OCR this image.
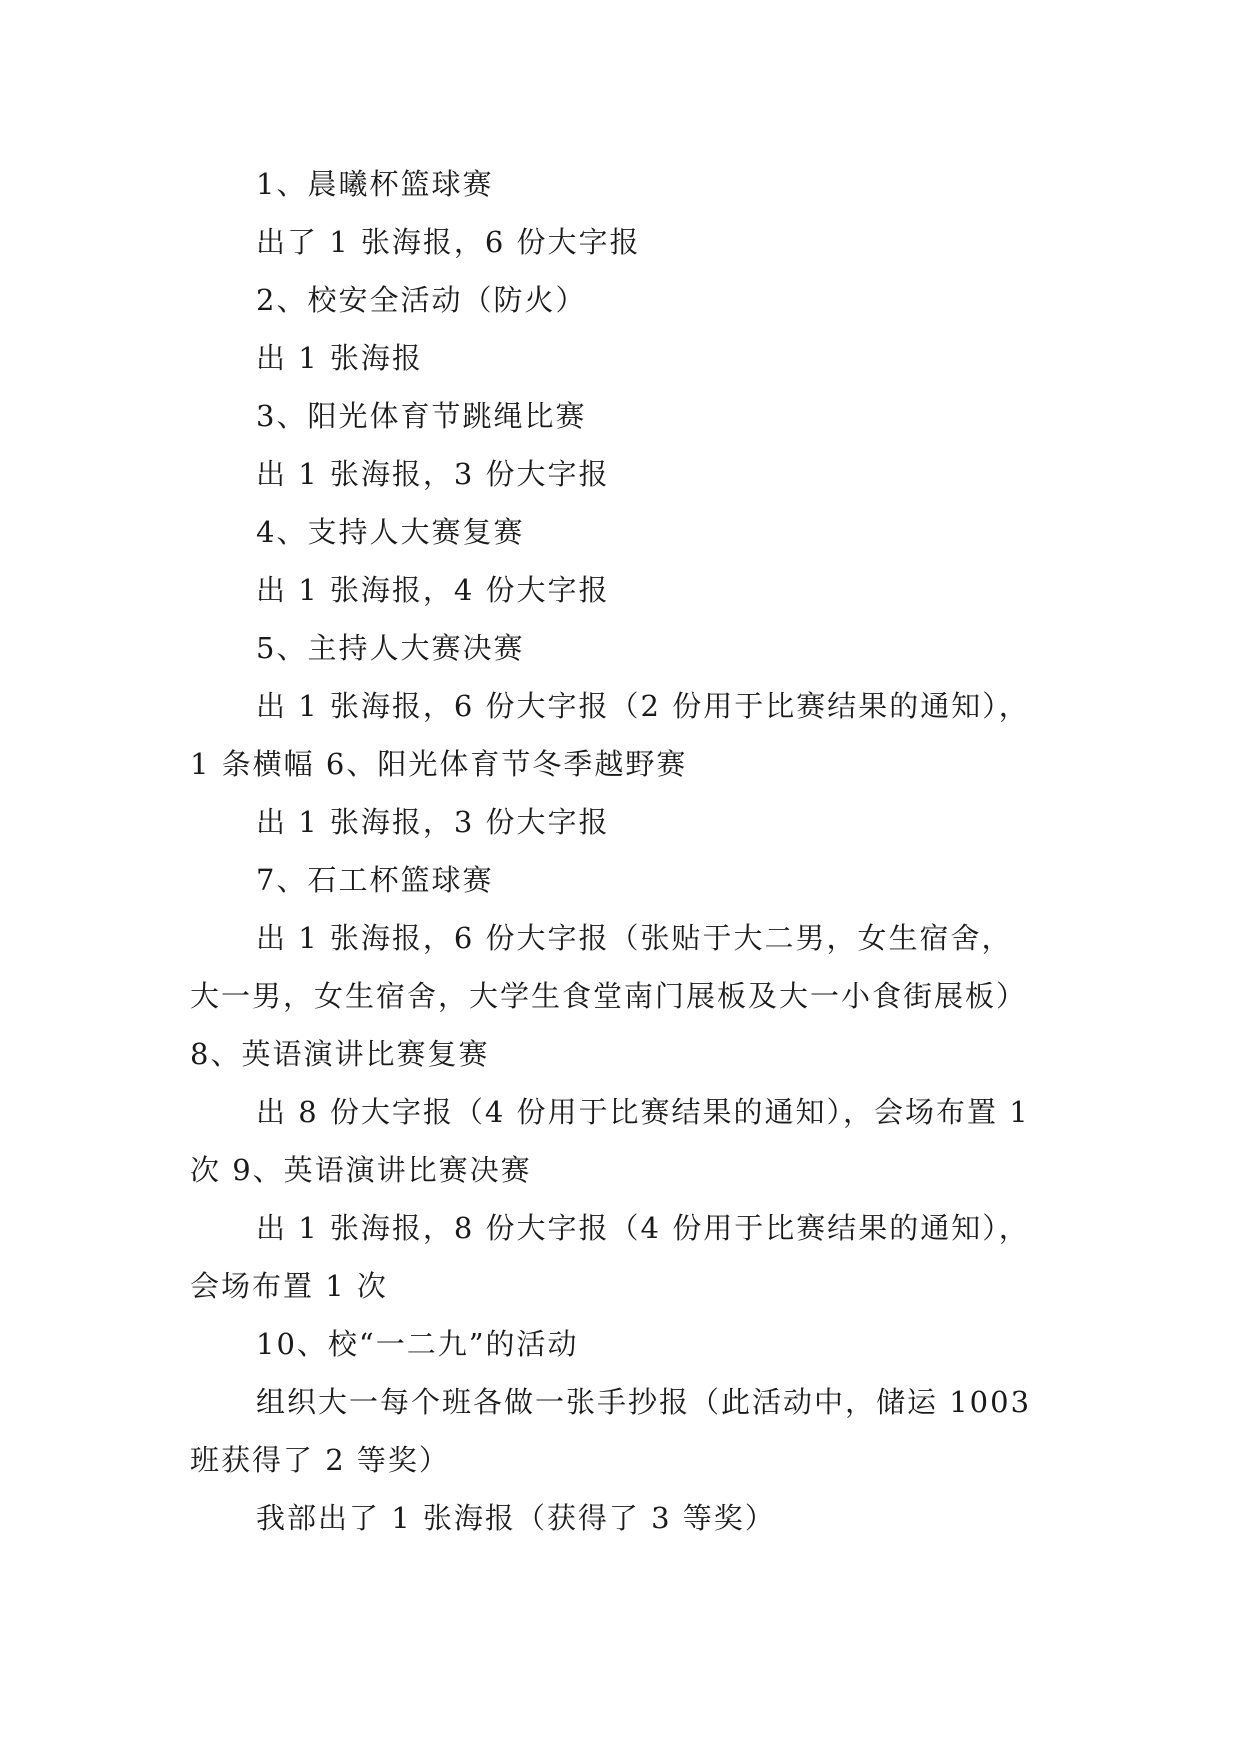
1、晨曦杯篮球赛
出了 1 张海报，6 份大字报
2、校安全活动（防火）
出 1 张海报
3、阳光体育节跳绳比赛
出 1 张海报，3 份大字报
4、支持人大赛复赛
出 1 张海报，4 份大字报
5、主持人大赛决赛
出 1 张海报，6 份大字报（2 份用于比赛结果的通知），
1 条横幅 6、阳光体育节冬季越野赛
出 1 张海报，3 份大字报
7、石工杯篮球赛
出 1 张海报，6 份大字报（张贴于大二男，女生宿舍，
大一男，女生宿舍，大学生食堂南门展板及大一小食街展板）
8、英语演讲比赛复赛
出 8 份大字报（4 份用于比赛结果的通知），会场布置 1
次 9、英语演讲比赛决赛
出 1 张海报，8 份大字报（4 份用于比赛结果的通知），
会场布置 1 次
10、校“一二九”的活动
组织大一每个班各做一张手抄报（此活动中，储运 1003
班获得了 2 等奖）
我部出了 1 张海报（获得了 3 等奖）
